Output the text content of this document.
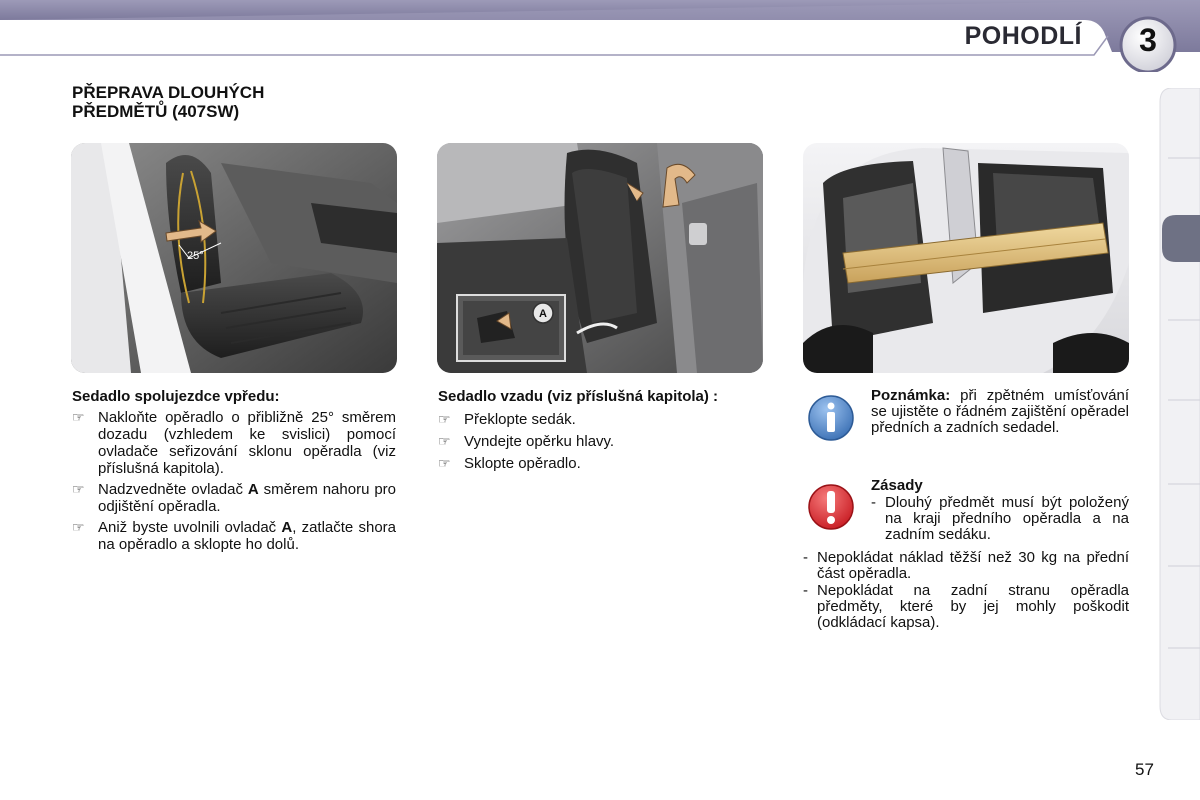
POHODLÍ	3
PŘEPRAVA DLOUHÝCH
PŘEDMĚTŮ (407SW)
25°
A
Sedadlo spolujezdce vpředu:
☞ Nakloňte opěradlo o přibližně 25° směrem dozadu (vzhledem ke svislici) pomocí ovladače seřizování sklonu opěradla (viz příslušná kapitola).
☞ Nadzvedněte ovladač A směrem nahoru pro odjištění opěradla.
☞ Aniž byste uvolnili ovladač A, zatlačte shora na opěradlo a sklopte ho dolů.
Sedadlo vzadu (viz příslušná kapitola) :
☞ Překlopte sedák.
☞ Vyndejte opěrku hlavy.
☞ Sklopte opěradlo.
Poznámka: při zpětném umísťování se ujistěte o řádném zajištění opěradel předních a zadních sedadel.
Zásady
- Dlouhý předmět musí být položený na kraji předního opěradla a na zadním sedáku.
- Nepokládat náklad těžší než 30 kg na přední část opěradla.
- Nepokládat na zadní stranu opěradla předměty, které by jej mohly poškodit (odkládací kapsa).
57
